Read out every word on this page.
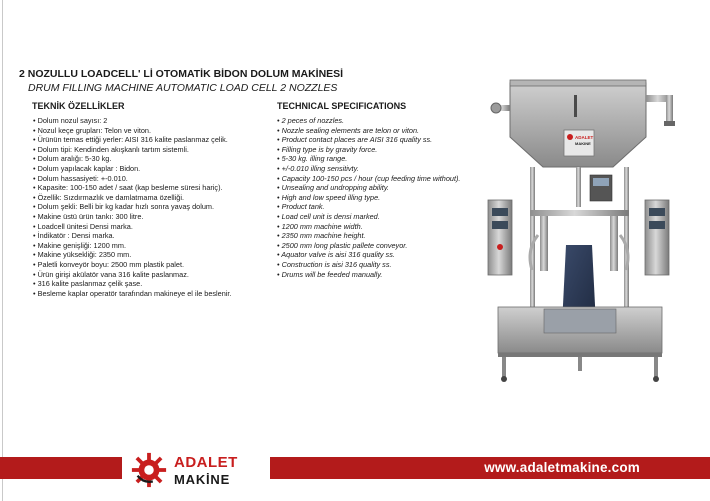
2 NOZULLU LOADCELL' Lİ OTOMATİK BİDON DOLUM MAKİNESİ
DRUM FILLING MACHINE AUTOMATIC LOAD CELL 2 NOZZLES
TEKNİK ÖZELLİKLER	TECHNICAL SPECIFICATIONS
• Dolum nozul sayısı: 2
• Nozul keçe grupları: Telon ve viton.
• Ürünün temas ettiği yerler: AISI 316 kalite paslanmaz çelik.
• Dolum tipi: Kendinden akışkanlı tartım sistemli.
• Dolum aralığı: 5-30 kg.
• Dolum yapılacak kaplar : Bidon.
• Dolum hassasiyeti: +-0.010.
• Kapasite: 100-150 adet / saat (kap besleme süresi hariç).
• Özellik: Sızdırmazlık ve damlatmama özelliği.
• Dolum şekli: Belli bir kg kadar hızlı sonra yavaş dolum.
• Makine üstü ürün tankı: 300 litre.
• Loadcell ünitesi Densi marka.
• İndikatör : Densi marka.
• Makine genişliği: 1200 mm.
• Makine yüksekliği: 2350 mm.
• Paletli konveyör boyu: 2500 mm plastik palet.
• Ürün girişi akülatör vana 316 kalite paslanmaz.
• 316 kalite paslanmaz çelik şase.
• Besleme kaplar operatör tarafından makineye el ile beslenir.
• 2 peces of nozzles.
• Nozzle sealing elements are telon or viton.
• Product contact places are AISI 316 quality ss.
• Filling type is by gravity force.
• 5-30 kg. illing range.
• +/-0.010 illing sensitivty.
• Capacity 100-150 pcs / hour (cup feeding time without).
• Unsealing and undropping ability.
• High and low speed illing type.
• Product tank.
• Load cell unit is densi marked.
• 1200 mm machine width.
• 2350 mm machine height.
• 2500 mm long plastic pallete conveyor.
• Aquator valve is aisi 316 quality ss.
• Construction is aisi 316 quality ss.
• Drums will be feeded manually.
ADALET
MAKINE
www.adaletmakine.com
ADALET
MAKİNE
